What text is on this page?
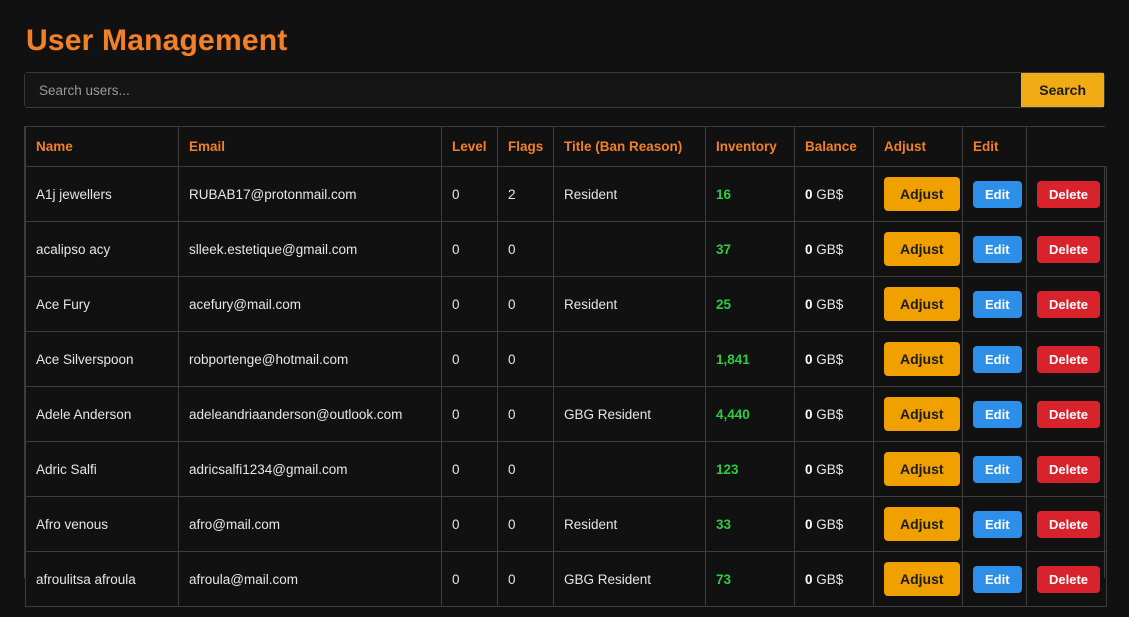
User Management
Search users...
Search
Name	Email	Level	Flags	Title (Ban Reason)	Inventory	Balance	Adjust	Edit	
A1j jewellers	RUBAB17@protonmail.com	0	2	Resident	16	0 GB$	Adjust	Edit	Delete
acalipso acy	slleek.estetique@gmail.com	0	0		37	0 GB$	Adjust	Edit	Delete
Ace Fury	acefury@mail.com	0	0	Resident	25	0 GB$	Adjust	Edit	Delete
Ace Silverspoon	robportenge@hotmail.com	0	0		1,841	0 GB$	Adjust	Edit	Delete
Adele Anderson	adeleandriaanderson@outlook.com	0	0	GBG Resident	4,440	0 GB$	Adjust	Edit	Delete
Adric Salfi	adricsalfi1234@gmail.com	0	0		123	0 GB$	Adjust	Edit	Delete
Afro venous	afro@mail.com	0	0	Resident	33	0 GB$	Adjust	Edit	Delete
afroulitsa afroula	afroula@mail.com	0	0	GBG Resident	73	0 GB$	Adjust	Edit	Delete
